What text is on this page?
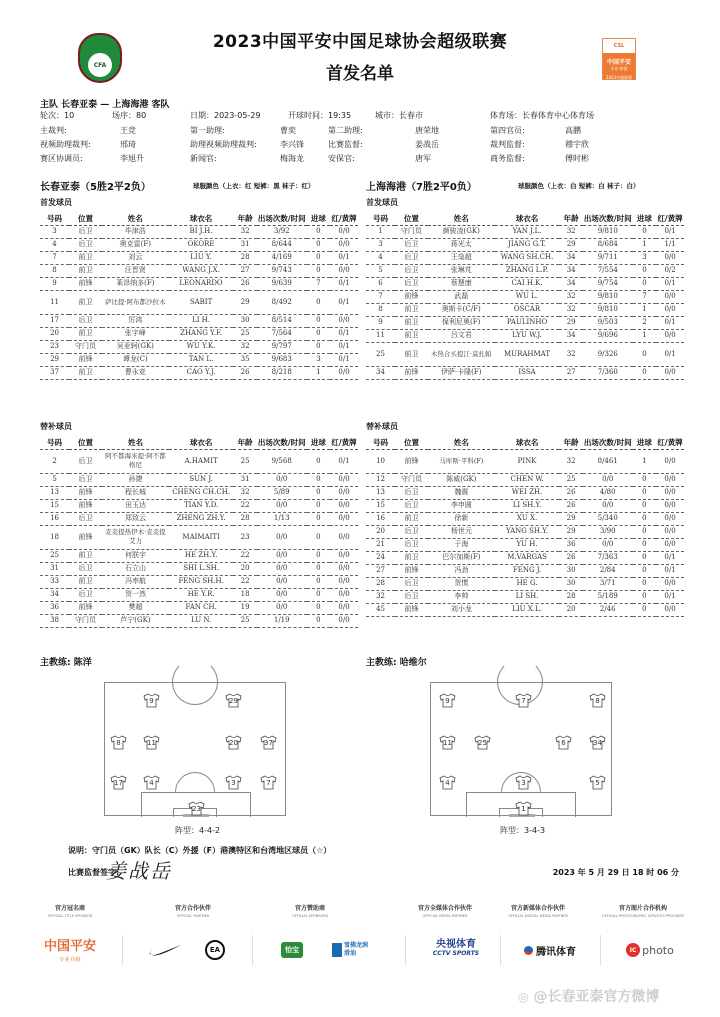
CFA
2023中国平安中国足球协会超级联赛
首发名单
CSL
中国平安
专业·价值
2023中超联赛
主队 长春亚泰 — 上海海港 客队
轮次：10	场序：80	日期：2023-05-29	开球时间：19:35	城市：长春市	体育场：长春体育中心体育场
主裁判:	王竞	第一助理:	曹奕	第二助理:	唐荣地	第四官员:	高鹏
视频助理裁判:	邢琦	助理视频助理裁判:	李兴锋	比赛监督:	姜战岳	裁判监督:	穆宇欣
赛区协调员:	李旭升	新闻官:	梅海龙	安保官:	唐军	商务监督:	傅时彬
长春亚泰（5胜2平2负）	球服颜色（上衣：红 短裤：黑 袜子：红）
首发球员
号码	位置	姓名	球衣名	年龄	出场次数/时间	进球	红/黄牌
3	后卫	毕津浩	BI J.H.	32	3/92	0	0/0
4	后卫	奥克雷(F)	OKORE	31	8/644	0	0/0
7	前卫	刘云	LIU Y.	28	4/169	0	0/1
8	前卫	汪晋贤	WANG J.X.	27	9/743	0	0/0
9	前锋	莱昂纳多(F)	LEONARDO	26	9/639	7	0/1
11	前卫	萨比提·阿布都沙拉木	SABIT	29	8/492	0	0/1
17	后卫	厉鸿	LI H.	30	8/514	0	0/0
20	前卫	张宇峰	ZHANG Y.F.	25	7/564	0	0/1
23	守门员	吴亚轲(GK)	WU Y.K.	32	9/797	0	0/1
29	前锋	谭龙(C)	TAN L.	35	9/683	3	0/1
37	前卫	曹永竞	CAO Y.J.	26	8/218	1	0/0
替补球员
号码	位置	姓名	球衣名	年龄	出场次数/时间	进球	红/黄牌
2	后卫	阿不都海米提·阿不都格尼	A.HAMIT	25	9/568	0	0/1
5	后卫	孙捷	SUN J.	31	0/0	0	0/0
13	前锋	程长城	CHENG CH.CH.	32	5/89	0	0/0
15	前锋	田玉达	TIAN Y.D.	22	0/0	0	0/0
16	后卫	郑致云	ZHENG ZH.Y.	28	1/13	0	0/0
18	前锋	麦麦提热伊木·麦麦提艾力	MAIMAITI	23	0/0	0	0/0
25	前卫	何朕宇	HE ZH.Y.	22	0/0	0	0/0
31	后卫	石立山	SHI L.SH.	20	0/0	0	0/0
33	前卫	冯率航	FENG SH.H.	22	0/0	0	0/0
34	后卫	贺一然	HE Y.R.	18	0/0	0	0/0
36	前锋	樊超	FAN CH.	19	0/0	0	0/0
38	守门员	芦宁(GK)	LU N.	25	1/19	0	0/0
主教练: 陈洋
上海海港（7胜2平0负）	球服颜色（上衣：白 短裤：白 袜子：白）
首发球员
号码	位置	姓名	球衣名	年龄	出场次数/时间	进球	红/黄牌
1	守门员	颜骏凌(GK)	YAN J.L.	32	9/810	0	0/1
3	后卫	蒋光太	JIANG G.T.	29	8/684	1	1/1
4	后卫	王燊超	WANG SH.CH.	34	9/711	3	0/0
5	后卫	张琳芃	ZHANG L.P.	34	7/554	0	0/2
6	后卫	蔡慧康	CAI H.K.	34	9/754	0	0/1
7	前锋	武磊	WU L.	32	9/810	7	0/0
8	前卫	奥斯卡(C/F)	OSCAR	32	9/810	1	0/0
9	前卫	保利尼奥(F)	PAULINHO	29	9/503	2	0/1
11	前卫	吕文君	LYU W.J.	34	9/696	1	0/0
25	前卫	木热合买提江·莫扎帕	MURAHMAT	32	9/326	0	0/1
34	前锋	伊萨·卡隆(F)	ISSA	27	7/360	0	0/0
替补球员
号码	位置	姓名	球衣名	年龄	出场次数/时间	进球	红/黄牌
10	前锋	马库斯·平科(F)	PINK	32	8/461	1	0/0
12	守门员	陈威(GK)	CHEN W.	25	0/0	0	0/0
13	后卫	魏震	WEI ZH.	26	4/80	0	0/0
15	后卫	李申圆	LI SH.Y.	26	0/0	0	0/0
16	前卫	徐新	XU X.	29	5/340	0	0/0
20	后卫	杨世元	YANG SH.Y.	29	3/90	0	0/0
21	后卫	于海	YU H.	36	0/0	0	0/0
24	前卫	巴尔加斯(F)	M.VARGAS	26	7/363	0	0/1
27	前锋	冯劲	FENG J.	30	2/84	0	0/1
28	后卫	贺惯	HE G.	30	3/71	0	0/0
32	后卫	李帅	LI SH.	28	5/189	0	0/1
45	前锋	刘小龙	LIU X.L.	20	2/46	0	0/0
主教练: 哈维尔
9	29
8	11	20	37
17	4	3	7
23
阵型：4-4-2
9	7	8
11	25	6	34
4	3	5
1
阵型：3-4-3
说明：守门员（GK）队长（C）外援（F）港澳特区和台湾地区球员（☆）
比赛监督签字:
姜战岳	2023 年 5 月 29 日 18 时 06 分
官方冠名商
OFFICIAL TITLE SPONSOR
官方合作伙伴
OFFICIAL PARTNER
官方赞助商
OFFICIAL SPONSORS
官方全媒体合作伙伴
OFFICIAL MEDIA PARTNER
官方新媒体合作伙伴
OFFICIAL DIGITAL MEDIA PARTNER
官方图片合作机构
OFFICIAL PHOTOGRAPHIC SERVICES PROVIDER
中国平安
专业·价值
EA	怡宝
雪佛龙润滑油
央视体育
CCTV SPORTS	腾讯体育	IC photo
◎ @长春亚泰官方微博
